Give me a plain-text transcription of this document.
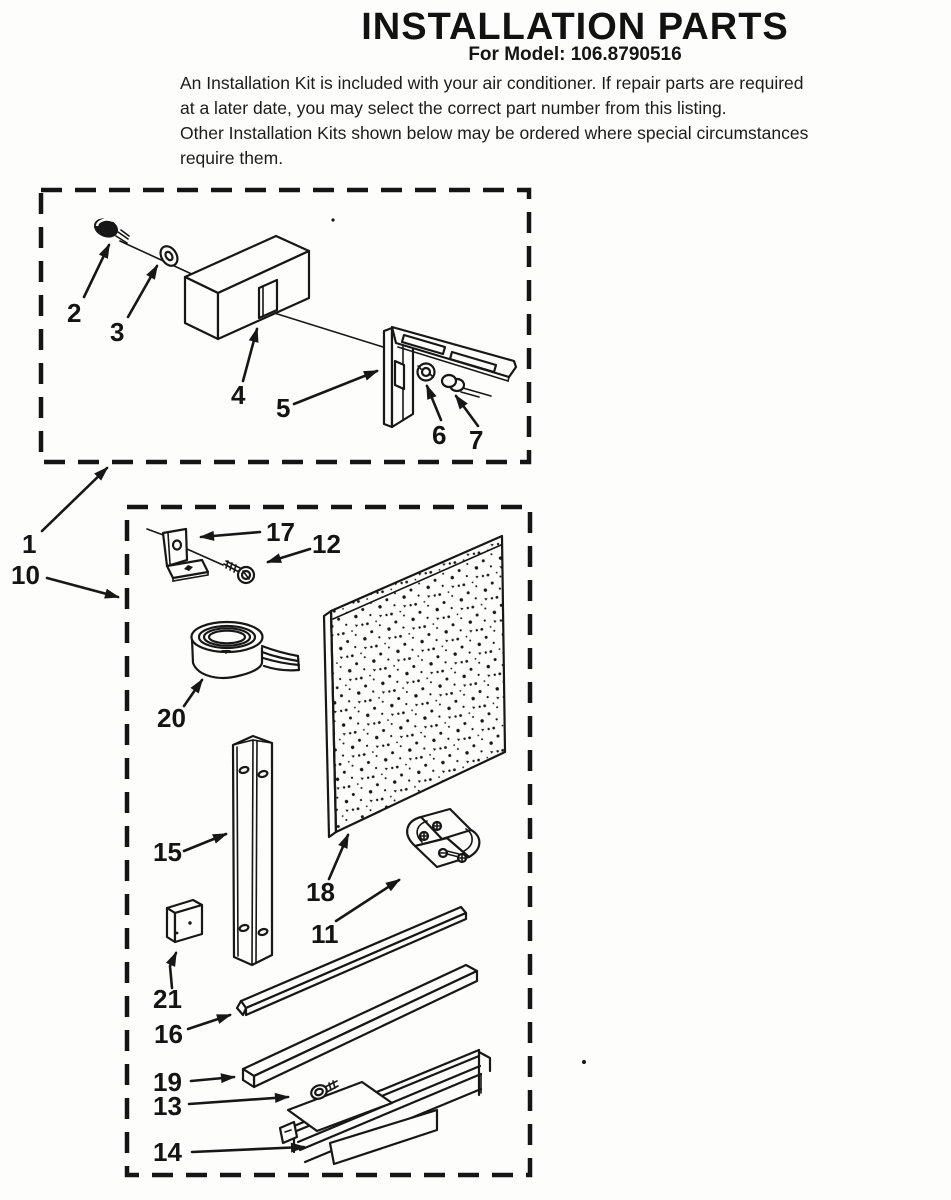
INSTALLATION PARTS
For Model: 106.8790516
An Installation Kit is included with your air conditioner. If repair parts are required
at a later date, you may select the correct part number from this listing.
Other Installation Kits shown below may be ordered where special circumstances
require them.
2
3
4 5
6 7
1
10
17 12
20
15
18
11
21
16
19
13
14
